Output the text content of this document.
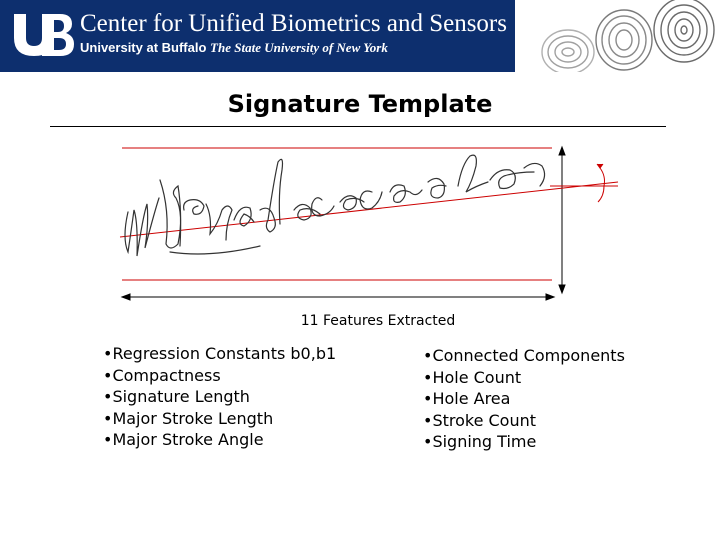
Center for Unified Biometrics and Sensors
University at Buffalo The State University of New York
Signature Template
11 Features Extracted
• Regression Constants b0,b1
• Compactness
• Signature Length
• Major Stroke Length
• Major Stroke Angle
• Connected Components
• Hole Count
• Hole Area
• Stroke Count
• Signing Time
